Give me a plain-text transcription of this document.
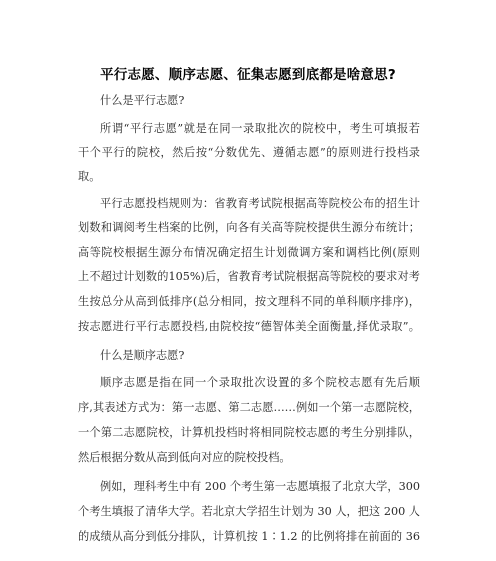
平行志愿、顺序志愿、征集志愿到底都是啥意思?
什么是平行志愿?
所谓“平行志愿”就是在同一录取批次的院校中，考生可填报若
干个平行的院校，然后按“分数优先、遵循志愿”的原则进行投档录
取。
平行志愿投档规则为：省教育考试院根据高等院校公布的招生计
划数和调阅考生档案的比例，向各有关高等院校提供生源分布统计；
高等院校根据生源分布情况确定招生计划微调方案和调档比例(原则
上不超过计划数的105%)后，省教育考试院根据高等院校的要求对考
生按总分从高到低排序(总分相同，按文理科不同的单科顺序排序)，
按志愿进行平行志愿投档,由院校按“德智体美全面衡量,择优录取”。
什么是顺序志愿?
顺序志愿是指在同一个录取批次设置的多个院校志愿有先后顺
序,其表述方式为：第一志愿、第二志愿……例如一个第一志愿院校，
一个第二志愿院校，计算机投档时将相同院校志愿的考生分别排队，
然后根据分数从高到低向对应的院校投档。
例如，理科考生中有 200 个考生第一志愿填报了北京大学，300
个考生填报了清华大学。若北京大学招生计划为 30 人，把这 200 人
的成绩从高分到低分排队，计算机按 1∶1.2 的比例将排在前面的 36
